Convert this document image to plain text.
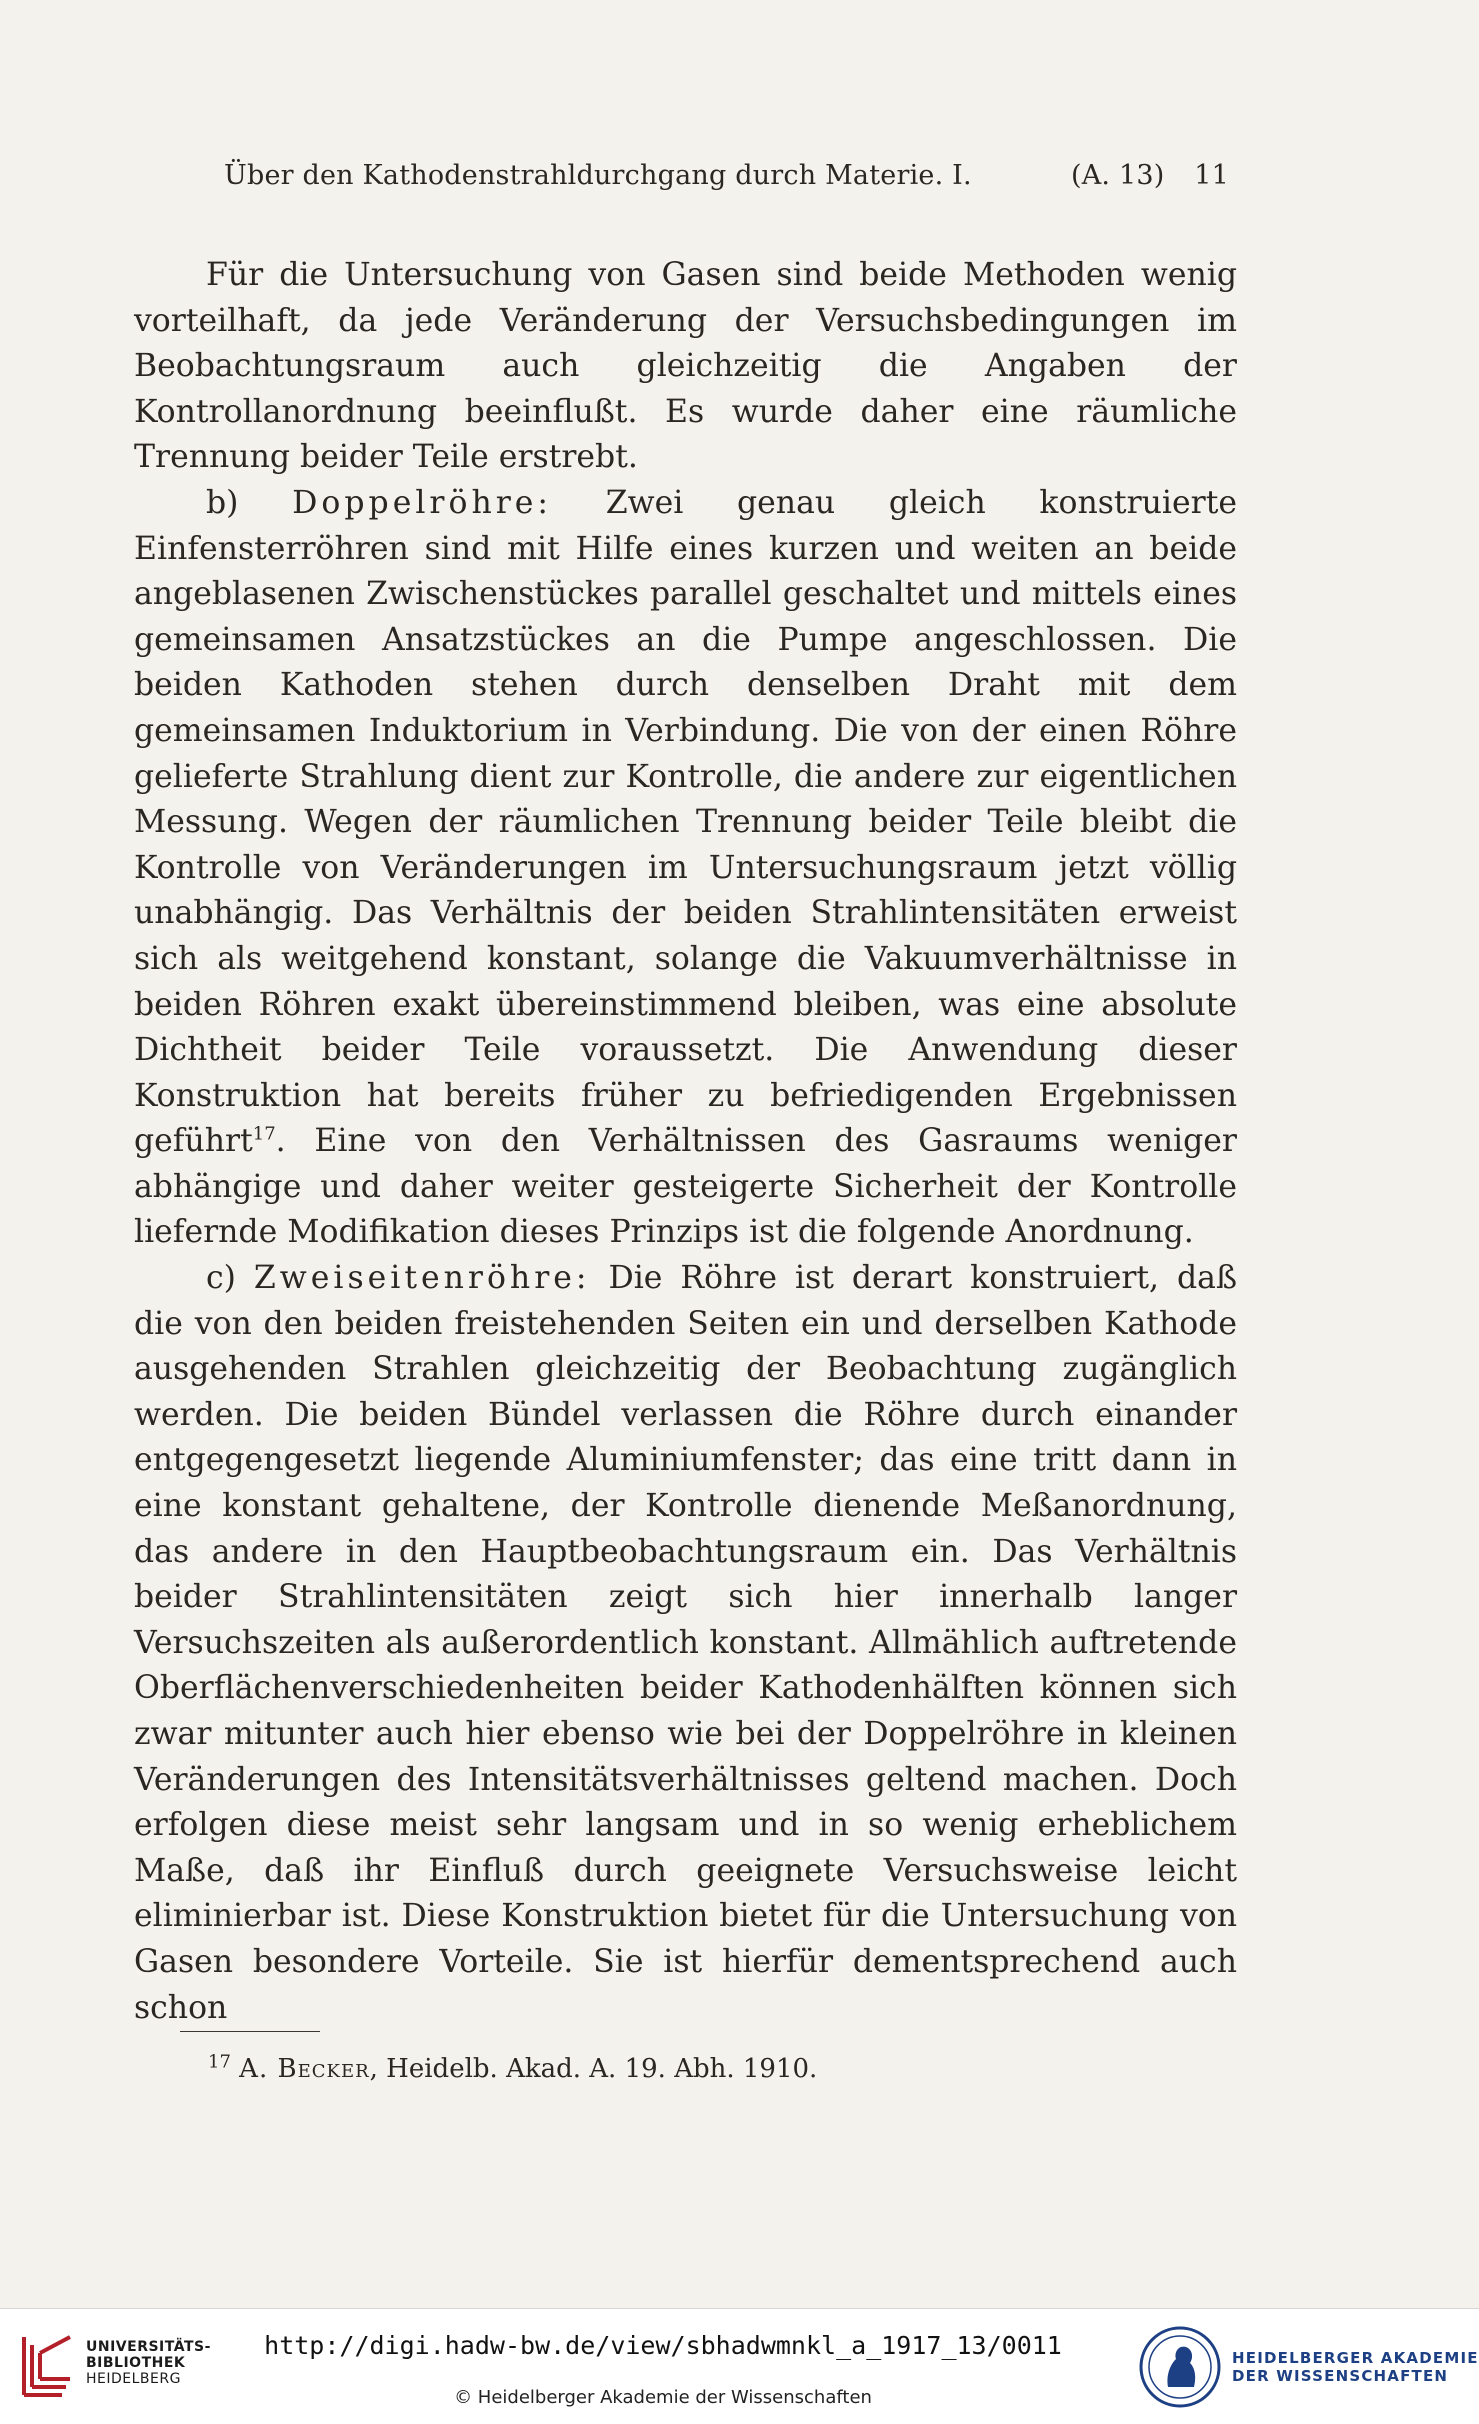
Über den Kathodenstrahldurchgang durch Materie. I.	(A. 13) 11

Für die Untersuchung von Gasen sind beide Methoden wenig vorteilhaft, da jede Veränderung der Versuchsbedingungen im Beobachtungsraum auch gleichzeitig die Angaben der Kontrollanordnung beeinflußt. Es wurde daher eine räumliche Trennung beider Teile erstrebt.

b) Doppelröhre: Zwei genau gleich konstruierte Einfensterröhren sind mit Hilfe eines kurzen und weiten an beide angeblasenen Zwischenstückes parallel geschaltet und mittels eines gemeinsamen Ansatzstückes an die Pumpe angeschlossen. Die beiden Kathoden stehen durch denselben Draht mit dem gemeinsamen Induktorium in Verbindung. Die von der einen Röhre gelieferte Strahlung dient zur Kontrolle, die andere zur eigentlichen Messung. Wegen der räumlichen Trennung beider Teile bleibt die Kontrolle von Veränderungen im Untersuchungsraum jetzt völlig unabhängig. Das Verhältnis der beiden Strahlintensitäten erweist sich als weitgehend konstant, solange die Vakuumverhältnisse in beiden Röhren exakt übereinstimmend bleiben, was eine absolute Dichtheit beider Teile voraussetzt. Die Anwendung dieser Konstruktion hat bereits früher zu befriedigenden Ergebnissen geführt$^{17}$. Eine von den Verhältnissen des Gasraums weniger abhängige und daher weiter gesteigerte Sicherheit der Kontrolle liefernde Modifikation dieses Prinzips ist die folgende Anordnung.

c) Zweiseitenröhre: Die Röhre ist derart konstruiert, daß die von den beiden freistehenden Seiten ein und derselben Kathode ausgehenden Strahlen gleichzeitig der Beobachtung zugänglich werden. Die beiden Bündel verlassen die Röhre durch einander entgegengesetzt liegende Aluminiumfenster; das eine tritt dann in eine konstant gehaltene, der Kontrolle dienende Meßanordnung, das andere in den Hauptbeobachtungsraum ein. Das Verhältnis beider Strahlintensitäten zeigt sich hier innerhalb langer Versuchszeiten als außerordentlich konstant. Allmählich auftretende Oberflächenverschiedenheiten beider Kathodenhälften können sich zwar mitunter auch hier ebenso wie bei der Doppelröhre in kleinen Veränderungen des Intensitätsverhältnisses geltend machen. Doch erfolgen diese meist sehr langsam und in so wenig erheblichem Maße, daß ihr Einfluß durch geeignete Versuchsweise leicht eliminierbar ist. Diese Konstruktion bietet für die Untersuchung von Gasen besondere Vorteile. Sie ist hierfür dementsprechend auch schon

$^{17}$ A. Becker, Heidelb. Akad. A. 19. Abh. 1910.
UNIVERSITÄTS-
BIBLIOTHEK
HEIDELBERG
http://digi.hadw-bw.de/view/sbhadwmnkl_a_1917_13/0011
© Heidelberger Akademie der Wissenschaften
HEIDELBERGER AKADEMIE
DER WISSENSCHAFTEN
